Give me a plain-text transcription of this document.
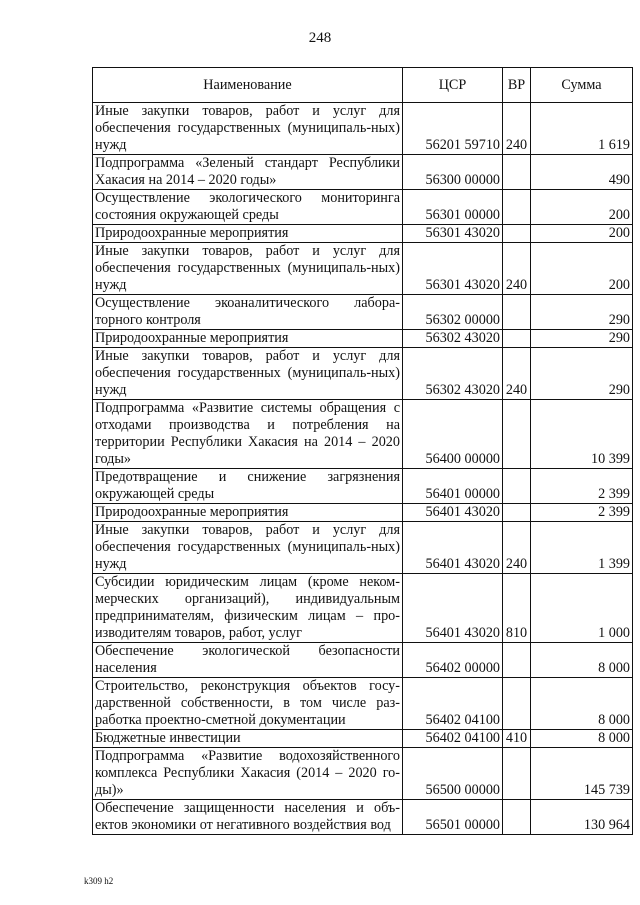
248
Наименование	ЦСР	ВР	Сумма
Иные закупки товаров, работ и услуг для обеспечения государственных (муниципаль-ных) нужд	56201 59710	240	1 619
Подпрограмма «Зеленый стандарт Республики Хакасия на 2014 – 2020 годы»	56300 00000		490
Осуществление экологического мониторинга состояния окружающей среды	56301 00000		200
Природоохранные мероприятия	56301 43020		200
Иные закупки товаров, работ и услуг для обеспечения государственных (муниципаль-ных) нужд	56301 43020	240	200
Осуществление экоаналитического лабора-торного контроля	56302 00000		290
Природоохранные мероприятия	56302 43020		290
Иные закупки товаров, работ и услуг для обеспечения государственных (муниципаль-ных) нужд	56302 43020	240	290
Подпрограмма «Развитие системы обращения с отходами производства и потребления на территории Республики Хакасия на 2014 – 2020 годы»	56400 00000		10 399
Предотвращение и снижение загрязнения окружающей среды	56401 00000		2 399
Природоохранные мероприятия	56401 43020		2 399
Иные закупки товаров, работ и услуг для обеспечения государственных (муниципаль-ных) нужд	56401 43020	240	1 399
Субсидии юридическим лицам (кроме неком-мерческих организаций), индивидуальным предпринимателям, физическим лицам – про-изводителям товаров, работ, услуг	56401 43020	810	1 000
Обеспечение экологической безопасности населения	56402 00000		8 000
Строительство, реконструкция объектов госу-дарственной собственности, в том числе раз-работка проектно-сметной документации	56402 04100		8 000
Бюджетные инвестиции	56402 04100	410	8 000
Подпрограмма «Развитие водохозяйственного комплекса Республики Хакасия (2014 – 2020 го-ды)»	56500 00000		145 739
Обеспечение защищенности населения и объ-ектов экономики от негативного воздействия вод	56501 00000		130 964
k309 h2
